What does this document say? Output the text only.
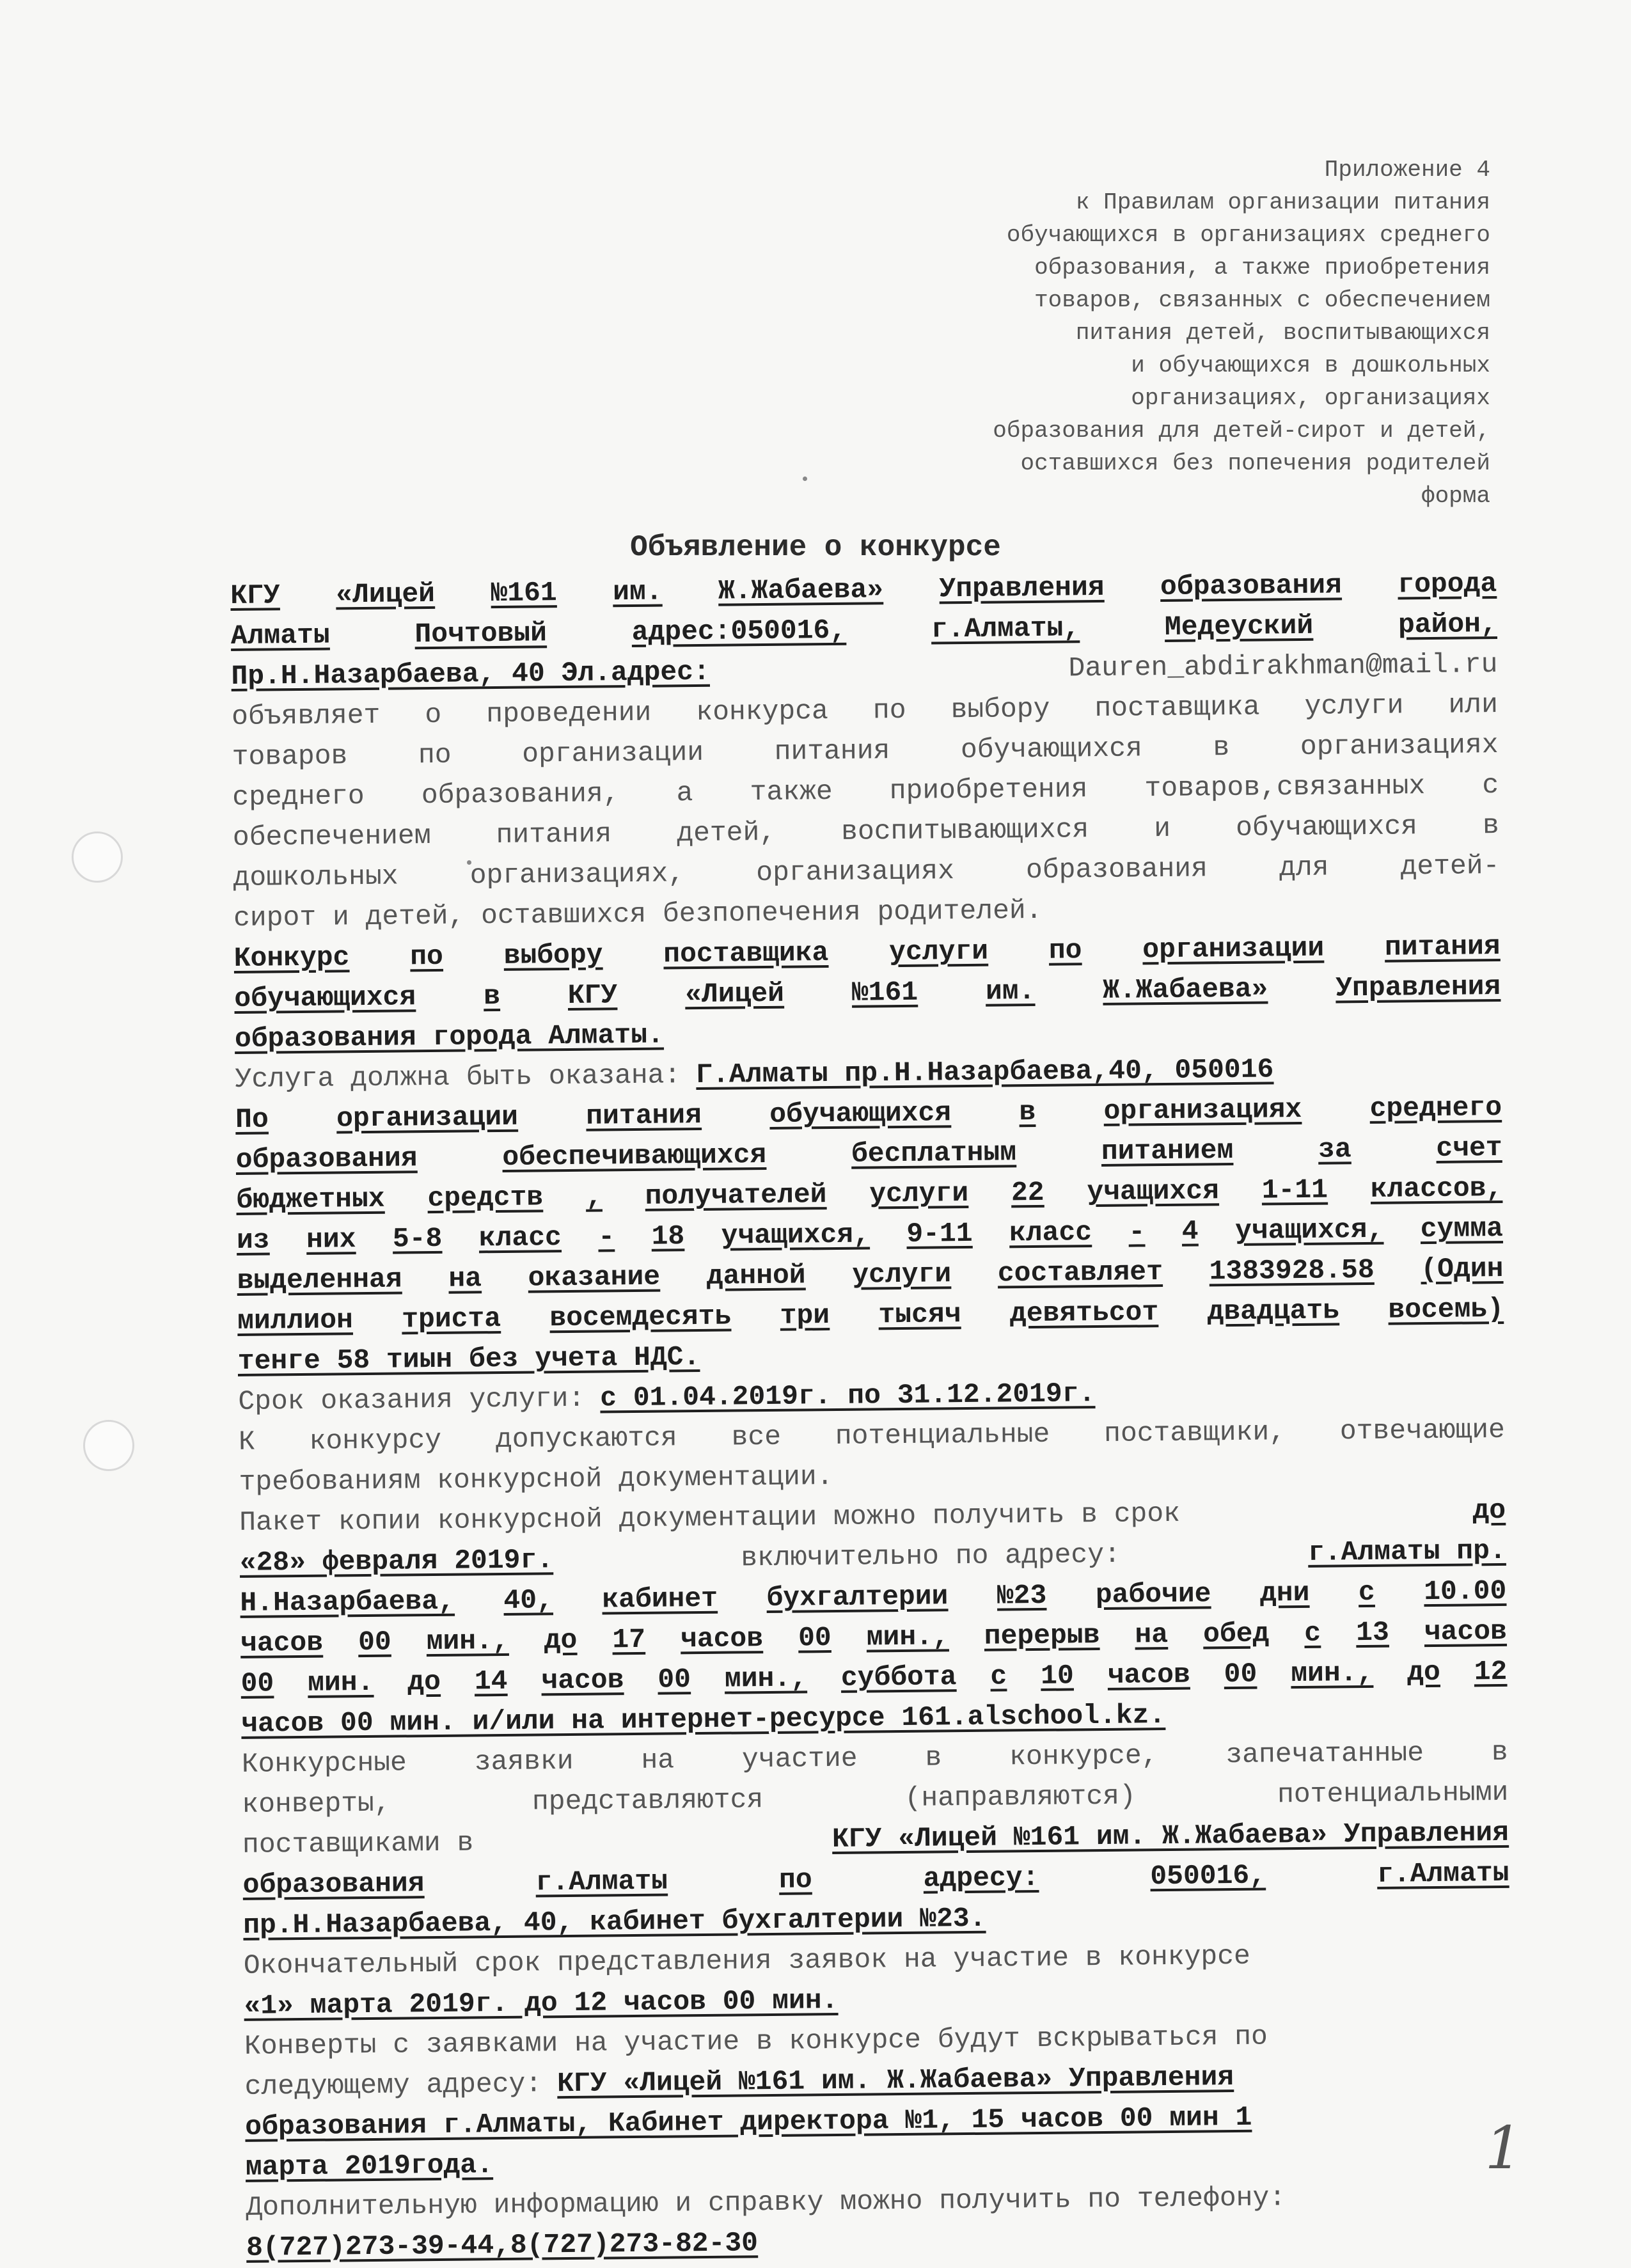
Приложение 4
к Правилам организации питания
обучающихся в организациях среднего
образования, а также приобретения
товаров, связанных с обеспечением
питания детей, воспитывающихся
и обучающихся в дошкольных
организациях, организациях
образования для детей-сирот и детей,
оставшихся без попечения родителей
форма
Объявление о конкурсе
КГУ «Лицей №161 им. Ж.Жабаева» Управления образования города
Алматы	Почтовый	адрес:050016,	г.Алматы,	Медеуский	район,
Пр.Н.Назарбаева, 40 Эл.адрес:	Dauren_abdirakhman@mail.ru
объявляет о проведении конкурса по выбору поставщика услуги или
товаров	по	организации	питания	обучающихся	в	организациях
среднего образования, а также приобретения товаров,связанных с
обеспечением питания детей, воспитывающихся и обучающихся в
дошкольных	организациях,	организациях	образования	для	детей-
сирот и детей, оставшихся безпопечения родителей.
Конкурс по выбору поставщика услуги по организации питания
обучающихся в КГУ «Лицей №161 им. Ж.Жабаева» Управления
образования города Алматы.
Услуга должна быть оказана: Г.Алматы пр.Н.Назарбаева,40, 050016
По организации питания обучающихся в организациях среднего
образования	обеспечивающихся	бесплатным	питанием	за	счет
бюджетных средств , получателей услуги 22 учащихся 1-11 классов,
из них 5-8 класс - 18 учащихся, 9-11 класс - 4 учащихся, сумма
выделенная на оказание данной услуги составляет 1383928.58 (Один
миллион триста восемдесять три тысяч девятьсот двадцать восемь)
тенге 58 тиын без учета НДС.
Срок оказания услуги: с 01.04.2019г. по 31.12.2019г.
К конкурсу допускаются все потенциальные поставщики, отвечающие
требованиям конкурсной документации.
Пакет копии конкурсной документации можно получить в срок	до
«28» февраля 2019г.	включительно по адресу:	г.Алматы пр.
Н.Назарбаева, 40, кабинет бухгалтерии №23 рабочие дни с 10.00
часов 00 мин., до 17 часов 00 мин., перерыв на обед с 13 часов
00 мин. до 14 часов 00 мин., суббота с 10 часов 00 мин., до 12
часов 00 мин. и/или на интернет-ресурсе 161.alschool.kz.
Конкурсные заявки на участие в конкурсе, запечатанные в
конверты,	представляются	(направляются)	потенциальными
поставщиками в	КГУ «Лицей №161 им. Ж.Жабаева» Управления
образования	г.Алматы	по	адресу:	050016,	г.Алматы
пр.Н.Назарбаева, 40, кабинет бухгалтерии №23.
Окончательный срок представления заявок на участие в конкурсе
«1» марта 2019г. до 12 часов 00 мин.
Конверты с заявками на участие в конкурсе будут вскрываться по
следующему адресу: КГУ «Лицей №161 им. Ж.Жабаева» Управления
образования г.Алматы, Кабинет директора №1, 15 часов 00 мин 1
марта 2019года.
Дополнительную информацию и справку можно получить по телефону:
8(727)273-39-44,8(727)273-82-30
1
